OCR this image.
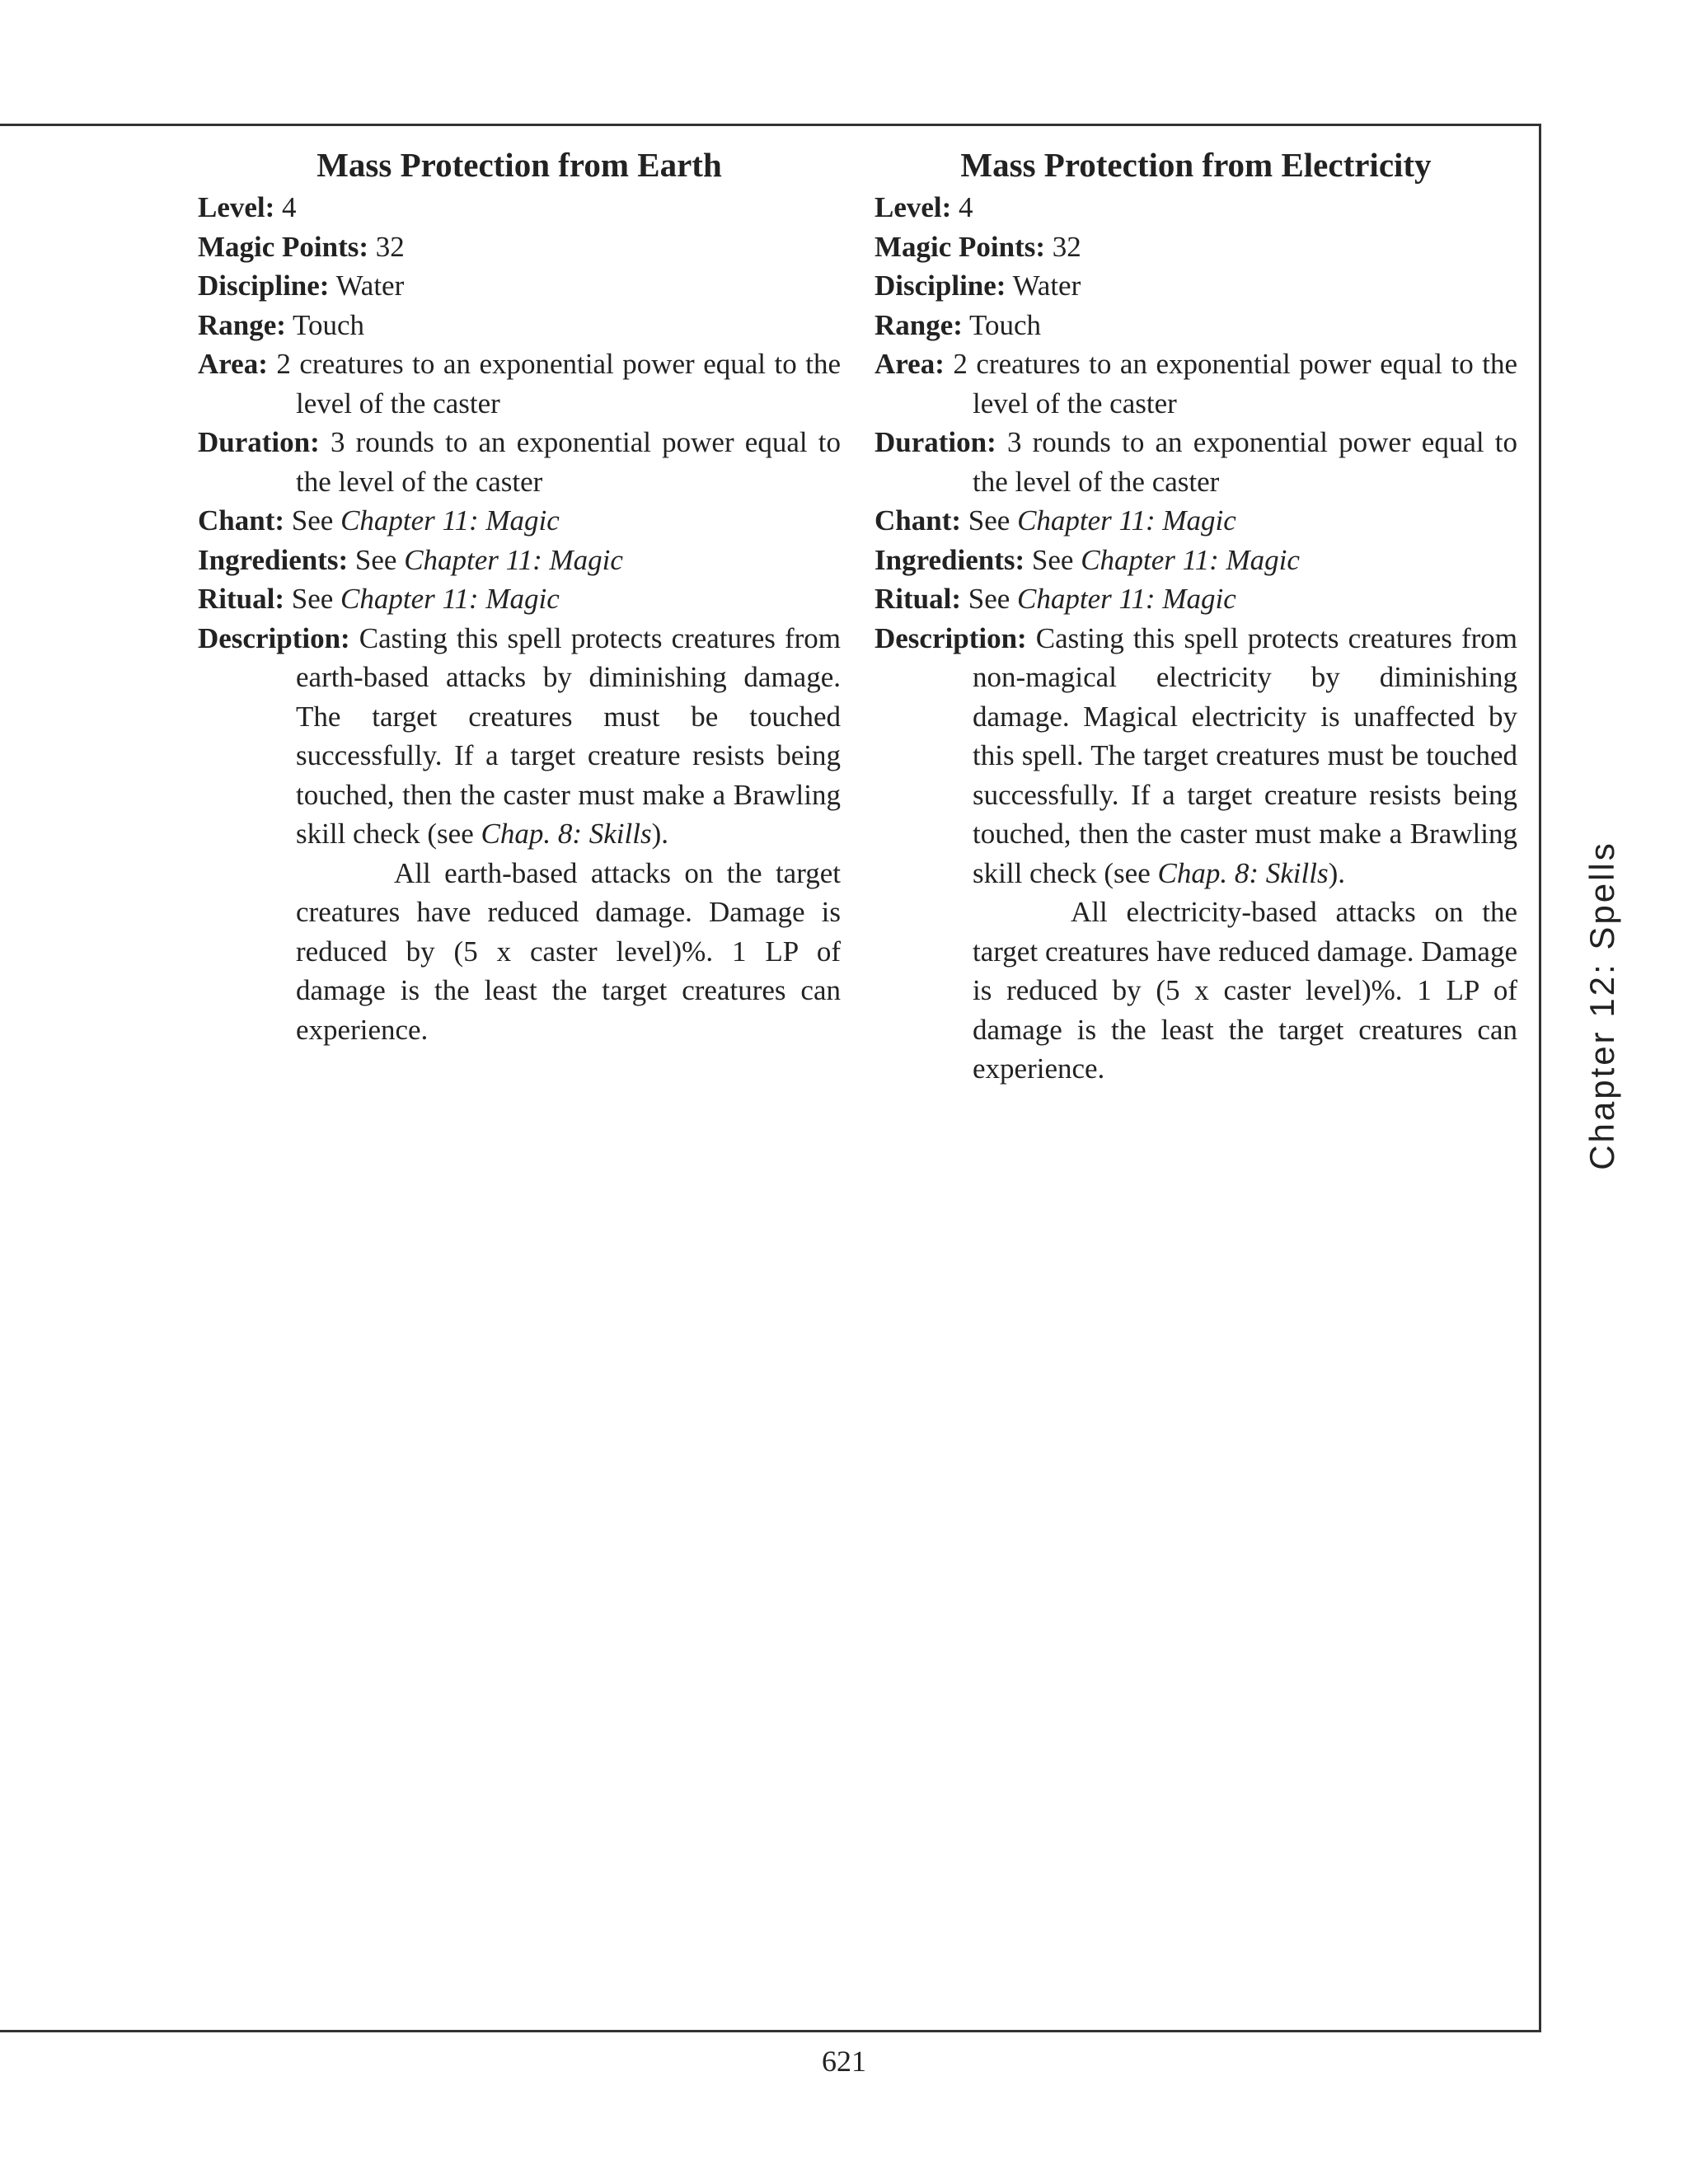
Mass Protection from Earth
Level: 4
Magic Points: 32
Discipline: Water
Range: Touch
Area: 2 creatures to an exponential power equal to the level of the caster
Duration: 3 rounds to an exponential power equal to the level of the caster
Chant: See Chapter 11: Magic
Ingredients: See Chapter 11: Magic
Ritual: See Chapter 11: Magic
Description: Casting this spell protects creatures from earth-based attacks by diminishing damage. The target creatures must be touched successfully. If a target creature resists being touched, then the caster must make a Brawling skill check (see Chap. 8: Skills).
All earth-based attacks on the target creatures have reduced damage. Damage is reduced by (5 x caster level)%. 1 LP of damage is the least the target creatures can experience.
Mass Protection from Electricity
Level: 4
Magic Points: 32
Discipline: Water
Range: Touch
Area: 2 creatures to an exponential power equal to the level of the caster
Duration: 3 rounds to an exponential power equal to the level of the caster
Chant: See Chapter 11: Magic
Ingredients: See Chapter 11: Magic
Ritual: See Chapter 11: Magic
Description: Casting this spell protects creatures from non-magical electricity by diminishing damage. Magical electricity is unaffected by this spell. The target creatures must be touched successfully. If a target creature resists being touched, then the caster must make a Brawling skill check (see Chap. 8: Skills).
All electricity-based attacks on the target creatures have reduced damage. Damage is reduced by (5 x caster level)%. 1 LP of damage is the least the target creatures can experience.	Chapter 12: Spells
621
